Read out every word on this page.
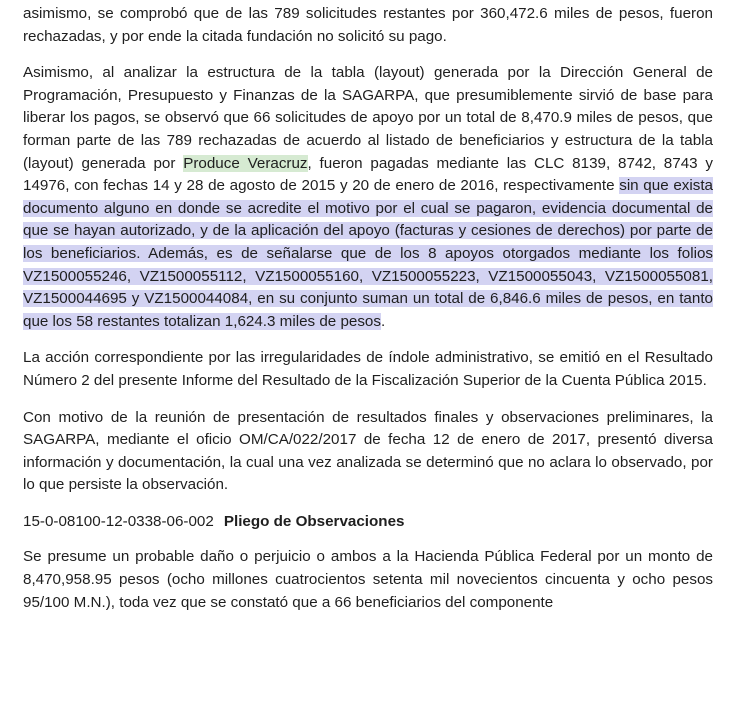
asimismo, se comprobó que de las 789 solicitudes restantes por 360,472.6 miles de pesos, fueron rechazadas, y por ende la citada fundación no solicitó su pago.

Asimismo, al analizar la estructura de la tabla (layout) generada por la Dirección General de Programación, Presupuesto y Finanzas de la SAGARPA, que presumiblemente sirvió de base para liberar los pagos, se observó que 66 solicitudes de apoyo por un total de 8,470.9 miles de pesos, que forman parte de las 789 rechazadas de acuerdo al listado de beneficiarios y estructura de la tabla (layout) generada por Produce Veracruz, fueron pagadas mediante las CLC 8139, 8742, 8743 y 14976, con fechas 14 y 28 de agosto de 2015 y 20 de enero de 2016, respectivamente sin que exista documento alguno en donde se acredite el motivo por el cual se pagaron, evidencia documental de que se hayan autorizado, y de la aplicación del apoyo (facturas y cesiones de derechos) por parte de los beneficiarios. Además, es de señalarse que de los 8 apoyos otorgados mediante los folios VZ1500055246, VZ1500055112, VZ1500055160, VZ1500055223, VZ1500055043, VZ1500055081, VZ1500044695 y VZ1500044084, en su conjunto suman un total de 6,846.6 miles de pesos, en tanto que los 58 restantes totalizan 1,624.3 miles de pesos.

La acción correspondiente por las irregularidades de índole administrativo, se emitió en el Resultado Número 2 del presente Informe del Resultado de la Fiscalización Superior de la Cuenta Pública 2015.

Con motivo de la reunión de presentación de resultados finales y observaciones preliminares, la SAGARPA, mediante el oficio OM/CA/022/2017 de fecha 12 de enero de 2017, presentó diversa información y documentación, la cual una vez analizada se determinó que no aclara lo observado, por lo que persiste la observación.

15-0-08100-12-0338-06-002 Pliego de Observaciones

Se presume un probable daño o perjuicio o ambos a la Hacienda Pública Federal por un monto de 8,470,958.95 pesos (ocho millones cuatrocientos setenta mil novecientos cincuenta y ocho pesos 95/100 M.N.), toda vez que se constató que a 66 beneficiarios del componente
